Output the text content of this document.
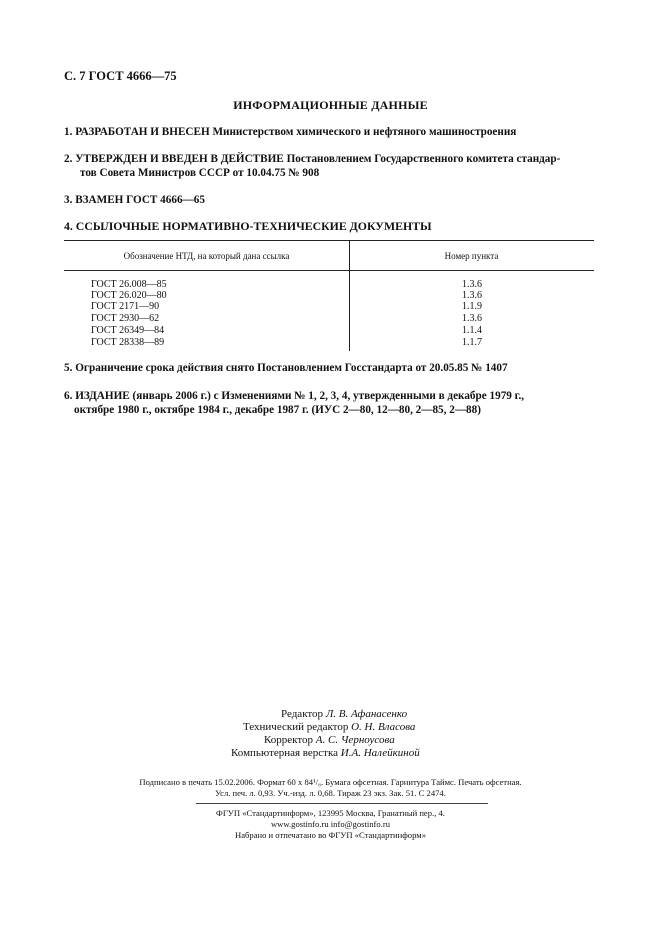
С. 7 ГОСТ 4666—75
ИНФОРМАЦИОННЫЕ ДАННЫЕ
1. РАЗРАБОТАН И ВНЕСЕН Министерством химического и нефтяного машиностроения
2. УТВЕРЖДЕН И ВВЕДЕН В ДЕЙСТВИЕ Постановлением Государственного комитета стандар-
тов Совета Министров СССР от 10.04.75 № 908
3. ВЗАМЕН ГОСТ 4666—65
4. ССЫЛОЧНЫЕ НОРМАТИВНО-ТЕХНИЧЕСКИЕ ДОКУМЕНТЫ
Обозначение НТД, на который дана ссылка	Номер пункта
ГОСТ 26.008—85	1.3.6
ГОСТ 26.020—80	1.3.6
ГОСТ 2171—90	1.1.9
ГОСТ 2930—62	1.3.6
ГОСТ 26349—84	1.1.4
ГОСТ 28338—89	1.1.7
5. Ограничение срока действия снято Постановлением Госстандарта от 20.05.85 № 1407
6. ИЗДАНИЕ (январь 2006 г.) с Изменениями № 1, 2, 3, 4, утвержденными в декабре 1979 г.,
октябре 1980 г., октябре 1984 г., декабре 1987 г. (ИУС 2—80, 12—80, 2—85, 2—88)
Редактор Л. В. Афанасенко
Технический редактор О. Н. Власова
Корректор А. С. Черноусова
Компьютерная верстка И.А. Налейкиной
Подписано в печать 15.02.2006. Формат 60 x 84¹/₈. Бумага офсетная. Гарнитура Таймс. Печать офсетная.
Усл. печ. л. 0,93. Уч.-изд. л. 0,68. Тираж 23 экз. Зак. 51. С 2474.
ФГУП «Стандартинформ», 123995 Москва, Гранатный пер., 4.
www.gostinfo.ru info@gostinfo.ru
Набрано и отпечатано во ФГУП «Стандартинформ»
